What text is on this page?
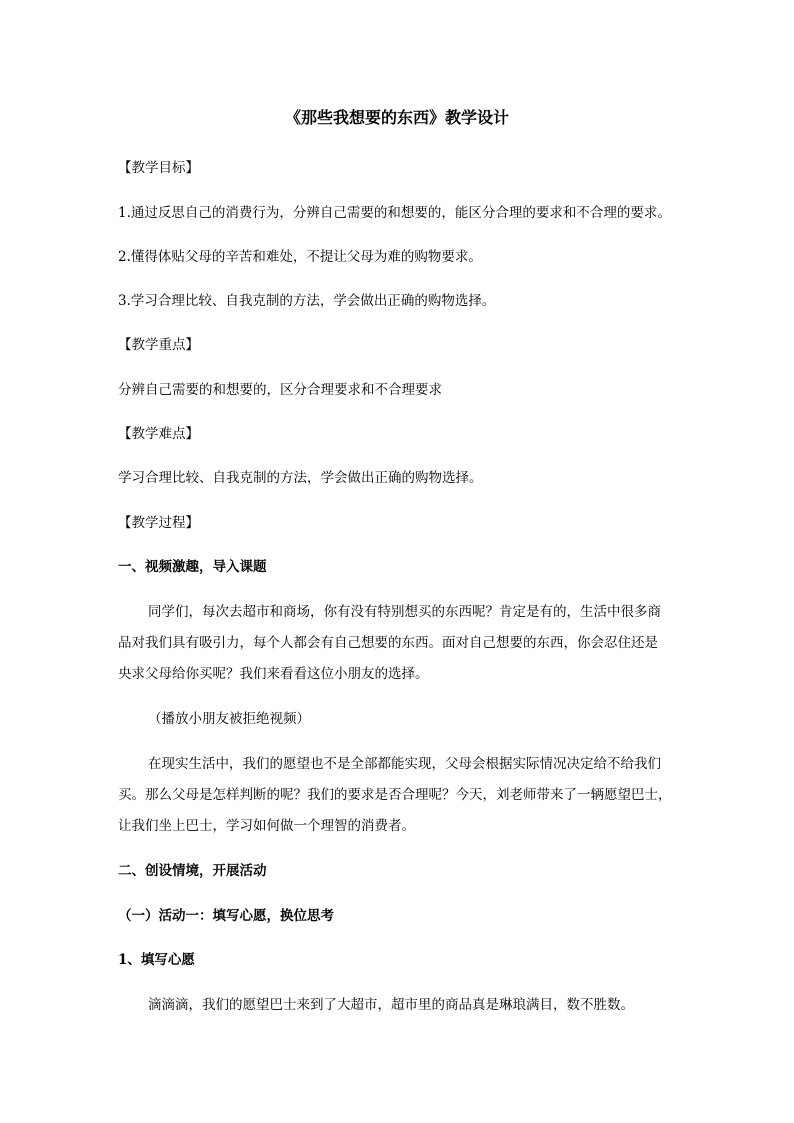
《那些我想要的东西》教学设计
【教学目标】
1.通过反思自己的消费行为，分辨自己需要的和想要的，能区分合理的要求和不合理的要求。
2.懂得体贴父母的辛苦和难处，不提让父母为难的购物要求。
3.学习合理比较、自我克制的方法，学会做出正确的购物选择。
【教学重点】
分辨自己需要的和想要的，区分合理要求和不合理要求
【教学难点】
学习合理比较、自我克制的方法，学会做出正确的购物选择。
【教学过程】
一、视频激趣，导入课题
同学们，每次去超市和商场，你有没有特别想买的东西呢？肯定是有的，生活中很多商
品对我们具有吸引力，每个人都会有自己想要的东西。面对自己想要的东西，你会忍住还是
央求父母给你买呢？我们来看看这位小朋友的选择。
（播放小朋友被拒绝视频）
在现实生活中，我们的愿望也不是全部都能实现，父母会根据实际情况决定给不给我们
买。那么父母是怎样判断的呢？我们的要求是否合理呢？今天，刘老师带来了一辆愿望巴士，
让我们坐上巴士，学习如何做一个理智的消费者。
二、创设情境，开展活动
（一）活动一：填写心愿，换位思考
1、填写心愿
滴滴滴，我们的愿望巴士来到了大超市，超市里的商品真是琳琅满目，数不胜数。
